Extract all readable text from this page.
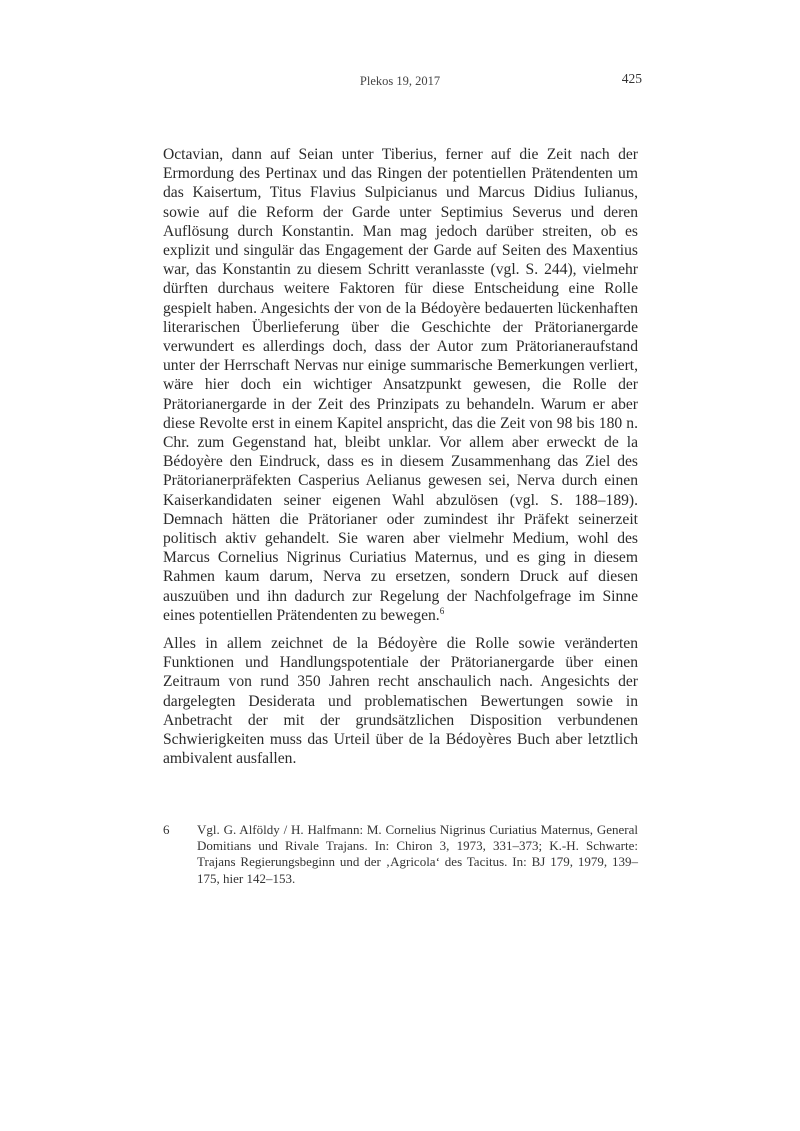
Plekos 19, 2017	425

Octavian, dann auf Seian unter Tiberius, ferner auf die Zeit nach der Ermordung des Pertinax und das Ringen der potentiellen Prätendenten um das Kaisertum, Titus Flavius Sulpicianus und Marcus Didius Iulianus, sowie auf die Reform der Garde unter Septimius Severus und deren Auflösung durch Konstantin. Man mag jedoch darüber streiten, ob es explizit und singulär das Engagement der Garde auf Seiten des Maxentius war, das Konstantin zu diesem Schritt veranlasste (vgl. S. 244), vielmehr dürften durchaus weitere Faktoren für diese Entscheidung eine Rolle gespielt haben. Angesichts der von de la Bédoyère bedauerten lückenhaften literarischen Überlieferung über die Geschichte der Prätorianergarde verwundert es allerdings doch, dass der Autor zum Prätorianeraufstand unter der Herrschaft Nervas nur einige summarische Bemerkungen verliert, wäre hier doch ein wichtiger Ansatzpunkt gewesen, die Rolle der Prätorianergarde in der Zeit des Prinzipats zu behandeln. Warum er aber diese Revolte erst in einem Kapitel anspricht, das die Zeit von 98 bis 180 n. Chr. zum Gegenstand hat, bleibt unklar. Vor allem aber erweckt de la Bédoyère den Eindruck, dass es in diesem Zusammenhang das Ziel des Prätorianerpräfekten Casperius Aelianus gewesen sei, Nerva durch einen Kaiserkandidaten seiner eigenen Wahl abzulösen (vgl. S. 188–189). Demnach hätten die Prätorianer oder zumindest ihr Präfekt seinerzeit politisch aktiv gehandelt. Sie waren aber vielmehr Medium, wohl des Marcus Cornelius Nigrinus Curiatius Maternus, und es ging in diesem Rahmen kaum darum, Nerva zu ersetzen, sondern Druck auf diesen auszuüben und ihn dadurch zur Regelung der Nachfolgefrage im Sinne eines potentiellen Prätendenten zu bewegen.$^6$

Alles in allem zeichnet de la Bédoyère die Rolle sowie veränderten Funktionen und Handlungspotentiale der Prätorianergarde über einen Zeitraum von rund 350 Jahren recht anschaulich nach. Angesichts der dargelegten Desiderata und problematischen Bewertungen sowie in Anbetracht der mit der grundsätzlichen Disposition verbundenen Schwierigkeiten muss das Urteil über de la Bédoyères Buch aber letztlich ambivalent ausfallen.

6	Vgl. G. Alföldy / H. Halfmann: M. Cornelius Nigrinus Curiatius Maternus, General Domitians und Rivale Trajans. In: Chiron 3, 1973, 331–373; K.-H. Schwarte: Trajans Regierungsbeginn und der ‚Agricola‘ des Tacitus. In: BJ 179, 1979, 139–175, hier 142–153.
